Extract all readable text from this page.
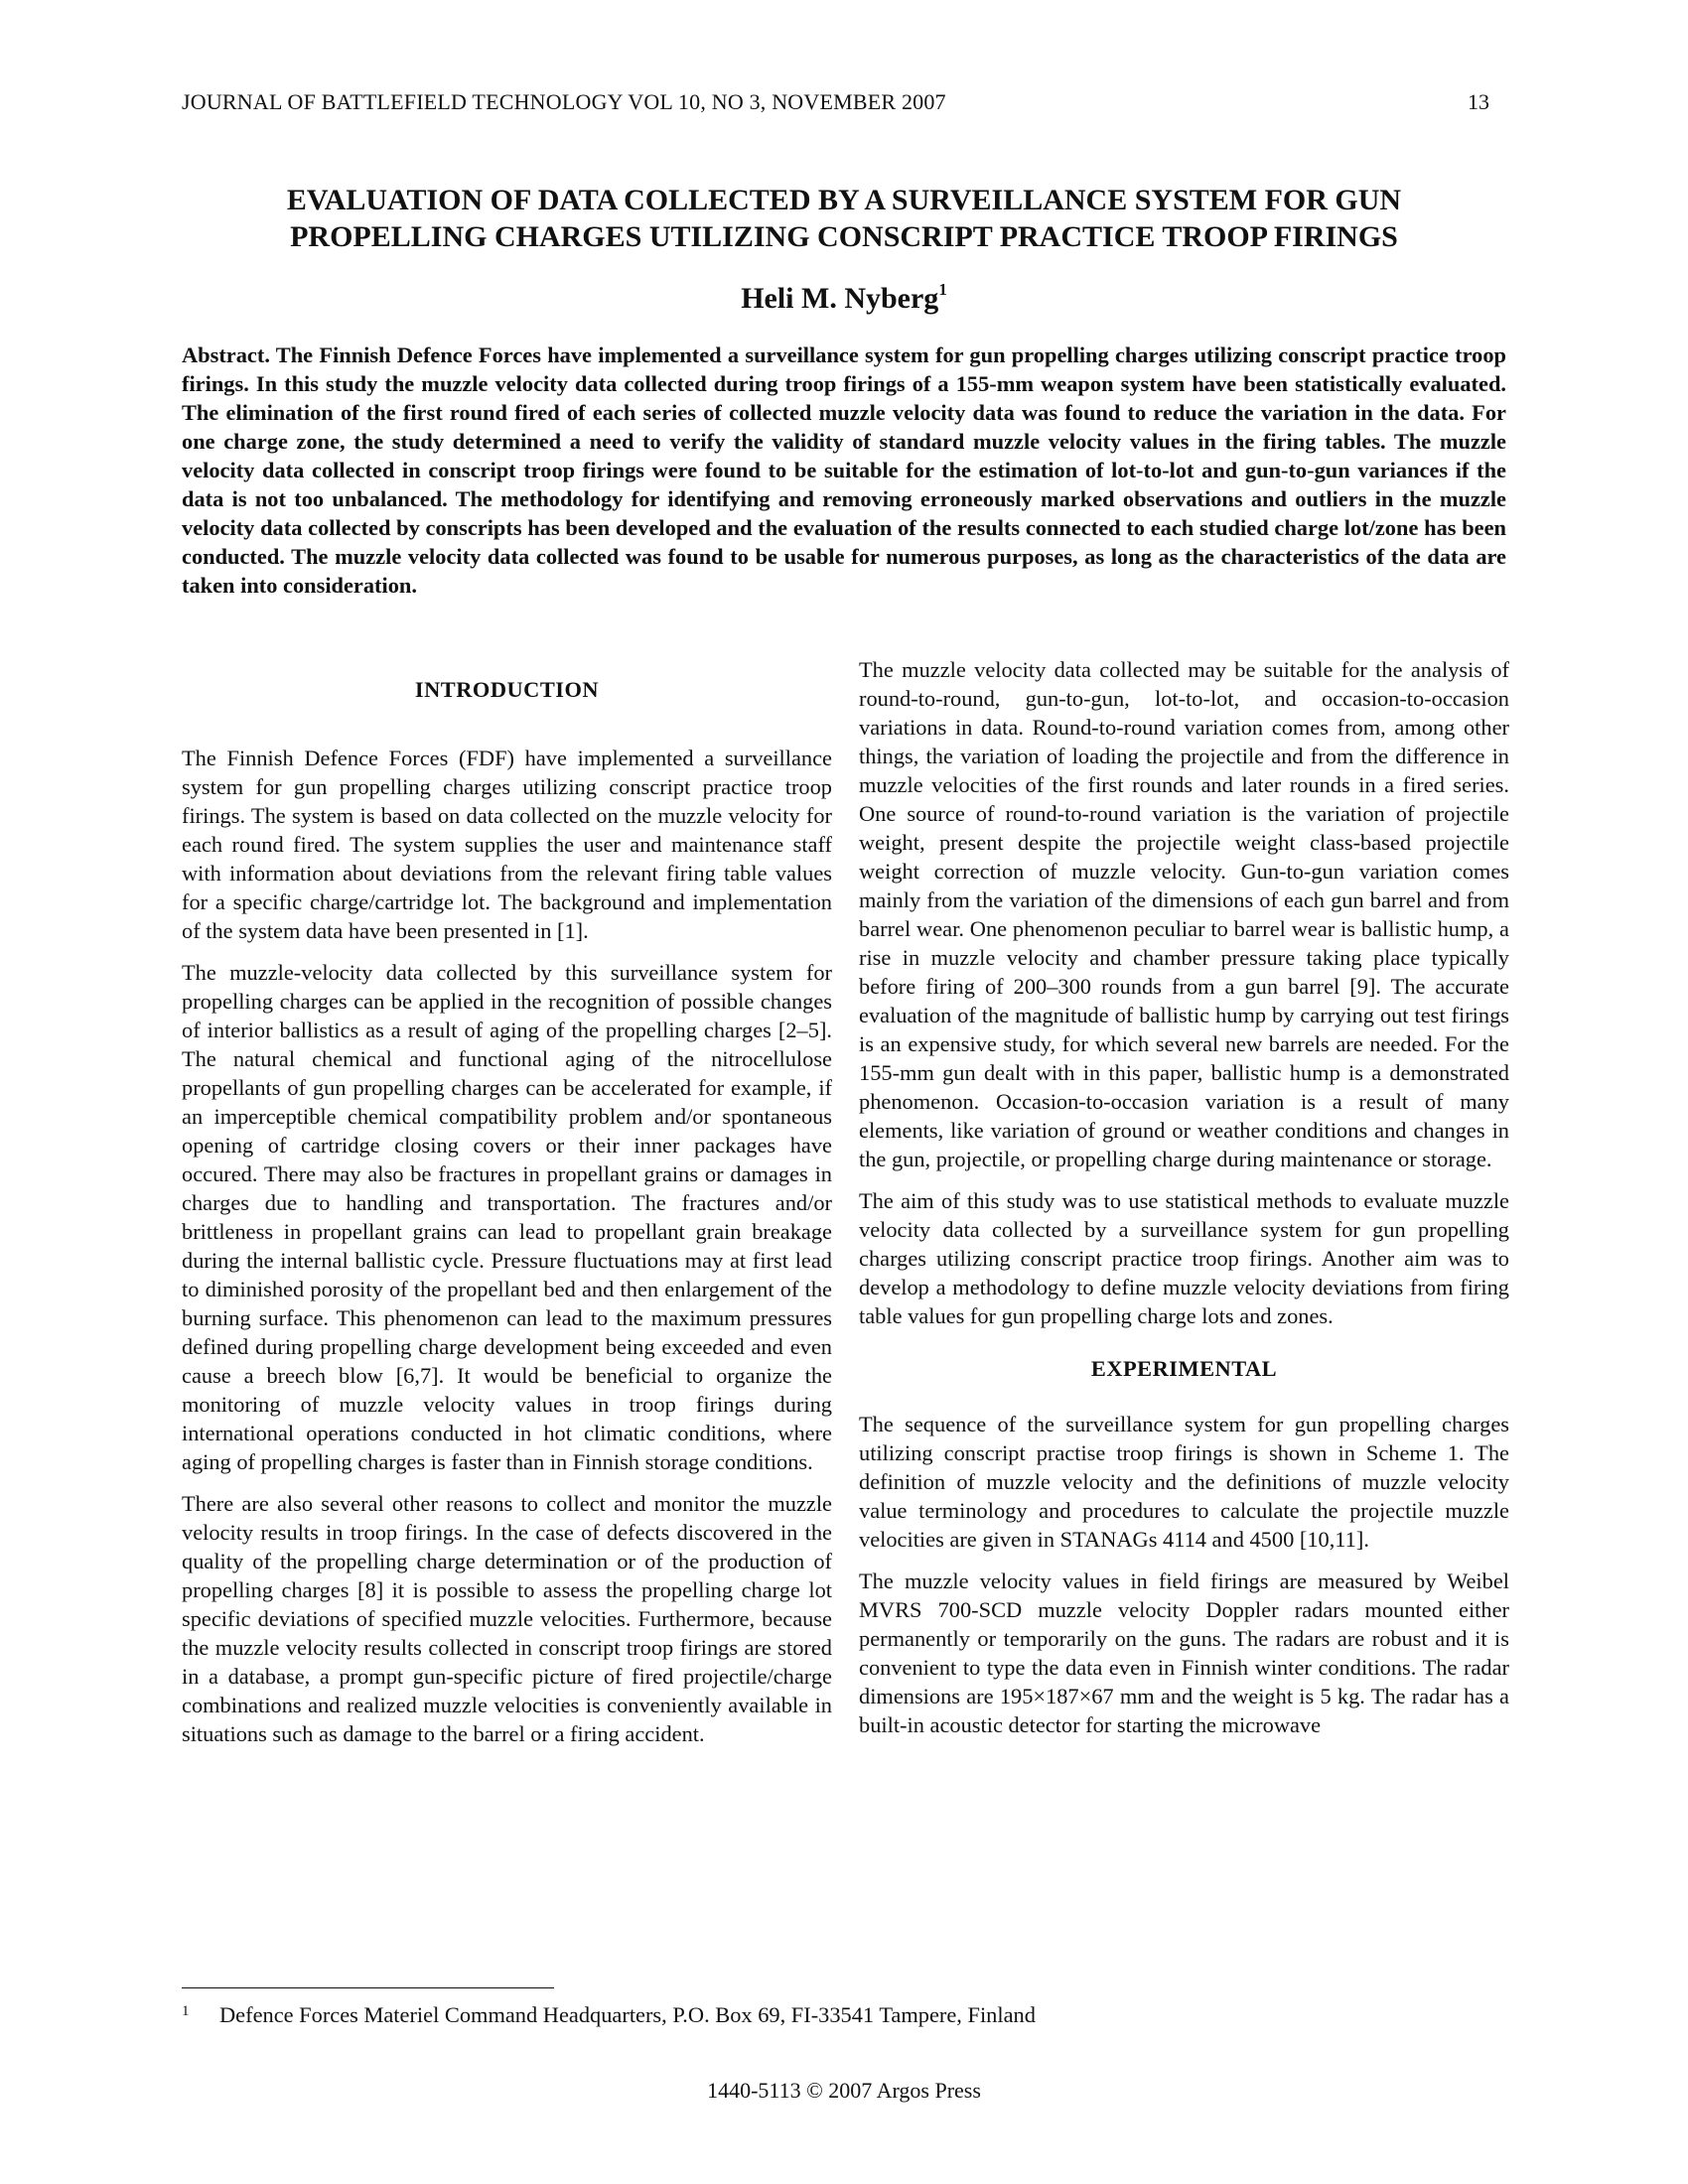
JOURNAL OF BATTLEFIELD TECHNOLOGY VOL 10, NO 3, NOVEMBER 2007	13
EVALUATION OF DATA COLLECTED BY A SURVEILLANCE SYSTEM FOR GUN
PROPELLING CHARGES UTILIZING CONSCRIPT PRACTICE TROOP FIRINGS
Heli M. Nyberg$^1$
Abstract. The Finnish Defence Forces have implemented a surveillance system for gun propelling charges utilizing conscript practice troop firings. In this study the muzzle velocity data collected during troop firings of a 155-mm weapon system have been statistically evaluated. The elimination of the first round fired of each series of collected muzzle velocity data was found to reduce the variation in the data. For one charge zone, the study determined a need to verify the validity of standard muzzle velocity values in the firing tables. The muzzle velocity data collected in conscript troop firings were found to be suitable for the estimation of lot-to-lot and gun-to-gun variances if the data is not too unbalanced. The methodology for identifying and removing erroneously marked observations and outliers in the muzzle velocity data collected by conscripts has been developed and the evaluation of the results connected to each studied charge lot/zone has been conducted. The muzzle velocity data collected was found to be usable for numerous purposes, as long as the characteristics of the data are taken into consideration.
INTRODUCTION

The Finnish Defence Forces (FDF) have implemented a surveillance system for gun propelling charges utilizing conscript practice troop firings. The system is based on data collected on the muzzle velocity for each round fired. The system supplies the user and maintenance staff with information about deviations from the relevant firing table values for a specific charge/cartridge lot. The background and implementation of the system data have been presented in [1].

The muzzle-velocity data collected by this surveillance system for propelling charges can be applied in the recognition of possible changes of interior ballistics as a result of aging of the propelling charges [2–5]. The natural chemical and functional aging of the nitrocellulose propellants of gun propelling charges can be accelerated for example, if an imperceptible chemical compatibility problem and/or spontaneous opening of cartridge closing covers or their inner packages have occured. There may also be fractures in propellant grains or damages in charges due to handling and transportation. The fractures and/or brittleness in propellant grains can lead to propellant grain breakage during the internal ballistic cycle. Pressure fluctuations may at first lead to diminished porosity of the propellant bed and then enlargement of the burning surface. This phenomenon can lead to the maximum pressures defined during propelling charge development being exceeded and even cause a breech blow [6,7]. It would be beneficial to organize the monitoring of muzzle velocity values in troop firings during international operations conducted in hot climatic conditions, where aging of propelling charges is faster than in Finnish storage conditions.

There are also several other reasons to collect and monitor the muzzle velocity results in troop firings. In the case of defects discovered in the quality of the propelling charge determination or of the production of propelling charges [8] it is possible to assess the propelling charge lot specific deviations of specified muzzle velocities. Furthermore, because the muzzle velocity results collected in conscript troop firings are stored in a database, a prompt gun-specific picture of fired projectile/charge combinations and realized muzzle velocities is conveniently available in situations such as damage to the barrel or a firing accident.

The muzzle velocity data collected may be suitable for the analysis of round-to-round, gun-to-gun, lot-to-lot, and occasion-to-occasion variations in data. Round-to-round variation comes from, among other things, the variation of loading the projectile and from the difference in muzzle velocities of the first rounds and later rounds in a fired series. One source of round-to-round variation is the variation of projectile weight, present despite the projectile weight class-based projectile weight correction of muzzle velocity. Gun-to-gun variation comes mainly from the variation of the dimensions of each gun barrel and from barrel wear. One phenomenon peculiar to barrel wear is ballistic hump, a rise in muzzle velocity and chamber pressure taking place typically before firing of 200–300 rounds from a gun barrel [9]. The accurate evaluation of the magnitude of ballistic hump by carrying out test firings is an expensive study, for which several new barrels are needed. For the 155-mm gun dealt with in this paper, ballistic hump is a demonstrated phenomenon. Occasion-to-occasion variation is a result of many elements, like variation of ground or weather conditions and changes in the gun, projectile, or propelling charge during maintenance or storage.

The aim of this study was to use statistical methods to evaluate muzzle velocity data collected by a surveillance system for gun propelling charges utilizing conscript practice troop firings. Another aim was to develop a methodology to define muzzle velocity deviations from firing table values for gun propelling charge lots and zones.

EXPERIMENTAL

The sequence of the surveillance system for gun propelling charges utilizing conscript practise troop firings is shown in Scheme 1. The definition of muzzle velocity and the definitions of muzzle velocity value terminology and procedures to calculate the projectile muzzle velocities are given in STANAGs 4114 and 4500 [10,11].

The muzzle velocity values in field firings are measured by Weibel MVRS 700-SCD muzzle velocity Doppler radars mounted either permanently or temporarily on the guns. The radars are robust and it is convenient to type the data even in Finnish winter conditions. The radar dimensions are 195×187×67 mm and the weight is 5 kg. The radar has a built-in acoustic detector for starting the microwave

1 Defence Forces Materiel Command Headquarters, P.O. Box 69, FI-33541 Tampere, Finland
1440-5113 © 2007 Argos Press
